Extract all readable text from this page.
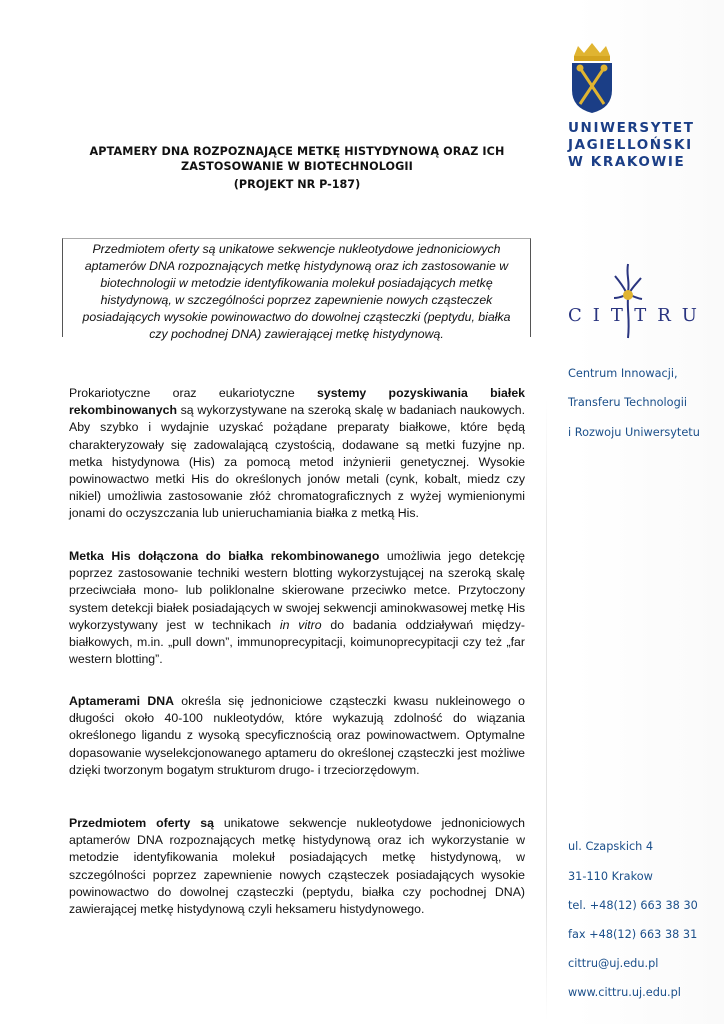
APTAMERY DNA ROZPOZNAJĄCE METKĘ HISTYDYNOWĄ ORAZ ICH
ZASTOSOWANIE W BIOTECHNOLOGII
(PROJEKT NR P-187)
Przedmiotem oferty są unikatowe sekwencje nukleotydowe jednoniciowych aptamerów DNA rozpoznających metkę histydynową oraz ich zastosowanie w biotechnologii w metodzie identyfikowania molekuł posiadających metkę histydynową, w szczególności poprzez zapewnienie nowych cząsteczek posiadających wysokie powinowactwo do dowolnej cząsteczki (peptydu, białka czy pochodnej DNA) zawierającej metkę histydynową.
Prokariotyczne oraz eukariotyczne systemy pozyskiwania białek rekombinowanych są wykorzystywane na szeroką skalę w badaniach naukowych. Aby szybko i wydajnie uzyskać pożądane preparaty białkowe, które będą charakteryzowały się zadowalającą czystością, dodawane są metki fuzyjne np. metka histydynowa (His) za pomocą metod inżynierii genetycznej. Wysokie powinowactwo metki His do określonych jonów metali (cynk, kobalt, miedz czy nikiel) umożliwia zastosowanie złóż chromatograficznych z wyżej wymienionymi jonami do oczyszczania lub unieruchamiania białka z metką His.
Metka His dołączona do białka rekombinowanego umożliwia jego detekcję poprzez zastosowanie techniki western blotting wykorzystującej na szeroką skalę przeciwciała mono- lub poliklonalne skierowane przeciwko metce. Przytoczony system detekcji białek posiadających w swojej sekwencji aminokwasowej metkę His wykorzystywany jest w technikach in vitro do badania oddziaływań między- białkowych, m.in. „pull down”, immunoprecypitacji, koimunoprecypitacji czy też „far western blotting”.
Aptamerami DNA określa się jednoniciowe cząsteczki kwasu nukleinowego o długości około 40-100 nukleotydów, które wykazują zdolność do wiązania określonego ligandu z wysoką specyficznością oraz powinowactwem. Optymalne dopasowanie wyselekcjonowanego aptameru do określonej cząsteczki jest możliwe dzięki tworzonym bogatym strukturom drugo- i trzeciorzędowym.
Przedmiotem oferty są unikatowe sekwencje nukleotydowe jednoniciowych aptamerów DNA rozpoznających metkę histydynową oraz ich wykorzystanie w metodzie identyfikowania molekuł posiadających metkę histydynową, w szczególności poprzez zapewnienie nowych cząsteczek posiadających wysokie powinowactwo do dowolnej cząsteczki (peptydu, białka czy pochodnej DNA) zawierającej metkę histydynową czyli heksameru histydynowego.
UNIWERSYTET
JAGIELLOŃSKI
W KRAKOWIE
CITTRU
Centrum Innowacji,
Transferu Technologii
i Rozwoju Uniwersytetu
ul. Czapskich 4
31-110 Krakow
tel. +48(12) 663 38 30
fax +48(12) 663 38 31
cittru@uj.edu.pl
www.cittru.uj.edu.pl
